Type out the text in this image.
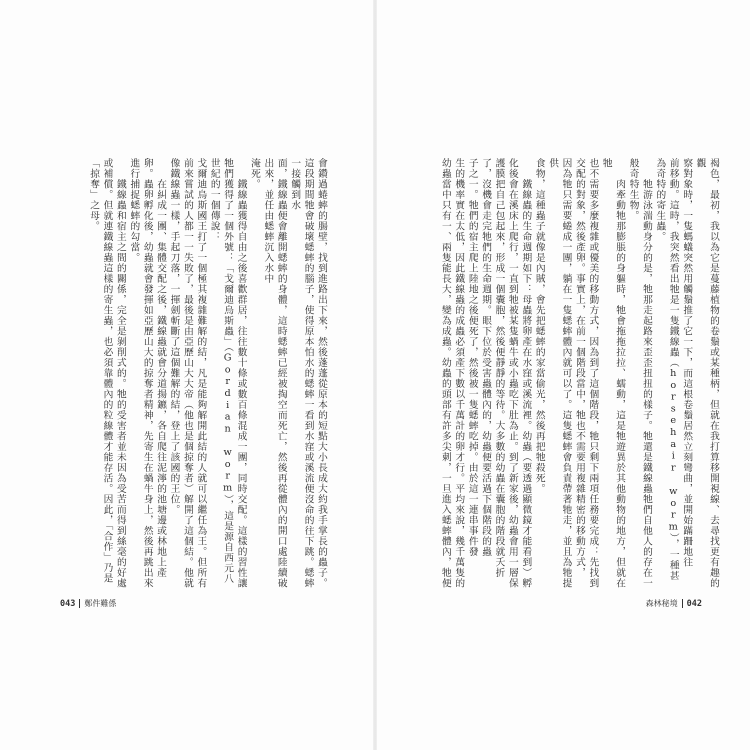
褐色，最初，我以為它是蔓藤植物的卷鬚或某種柄，但就在我打算移開視線、去尋找更有趣的觀
察對象時，一隻螞蟻突然用觸鬚推了它一下，而這根卷鬚居然立刻彎曲，並開始蹣跚地往
前移動。這時，我突然看出牠是一隻鐵線蟲（horsehair worm），一種甚為奇特的寄生蟲。
　　牠游泳湍動身分的是，牠那走起路來歪歪扭扭的樣子。牠還是鐵線蟲牠們自他人的存在一般奇特生物。
　　肉牽動牠那膨脹的身軀時，牠會拖拖拉拉、蠕動，這是牠遊異於其他動物的地方，但就在牠
也不需要多麼複雜或優美的移動方式，因為到了這個階段，牠只剩下兩項任務要完成：先找到
交配的對象，然後產卵。事實上，在前一個階段當中，牠也不需要用複雜精密的移動方式，
因為牠只需要蜷成一團，躺在一隻蟋蟀體內就可以了。這隻蟋蟀會負責帶著牠走，並且為牠提供
食物，這種蟲子就像是內賊，會先把蟋蟀的家當偷光，然後再把牠殺死。
　　鐵線蟲的生命週期如下：母蟲將卵產在水窪或溪流裡。幼蟲（要透過顯微鏡才能看到）孵
化後會在溪床上爬行，一直到牠被某隻蝸牛或小蟲吃下肚為止。到了新家後，幼蟲會用一層保
護膜把自己包起來，形成一個囊胞，然後便靜靜的等待。大多數的幼蟲在囊胞的階段就夭折
了，沒機會走完牠們的生命週期。眼下位於受害蟲體內的，幼蟲便要活過下個階段的蟲
子之一。牠們的宿主爬上陸地之後便死了，然後被一隻蟋蟀吃掉。由於這一連串事件發
生的機率實在太低，因此鐵線蟲的成蟲必須產下數以千萬計的卵才行。平均來說，幾千萬隻的
幼蟲當中只有一、兩隻能長大，變為成蟲。幼蟲的頭部有許多尖刺，一旦進入蟋蟀體內，牠便
會鑽過蜷蟀的腸壁，找到進路出下來，然後蓬蓬從原本的短點大小長成大約我手掌長的蟲子。
這段期間牠會破壞蟋蟀的腦子，使得原本怕水的蟋蟀一看到水窪或溪流便沒命的往下跳。蟋蟀一接觸到水
面，鐵線蟲便會離開蟋蟀的身體，這時蟋蟀已經被掏空而死亡，然後再從體內的開口處陸續破出來，並任由蟋蟀沉入水中
淹死。
　　鐵線蟲獲得自由之後喜歡群居，往往數十條或數百條混成一團，同時交配。這樣的習性讓
牠們獲得了一個外號：「戈爾迪烏斯蟲」（Gordian worm），這是源自西元八世紀的一個傳說：
戈爾迪烏斯國王打了一個極其複雜難解的結，凡是能夠解開此結的人就可以繼任為王。但所有
前來嘗試的人都一一失敗了，最後是由亞歷山大大帝（他也是個掠奪者）解開了這個結。他就
像鐵線蟲一樣，手起刀落，一揮劍斬斷了這個難解的結，登上了該國的王位。
　　在糾成一團、集體交配之後，鐵線蟲就會分道揚鑣，各自爬往泥濘的池塘邊或林地上產
卵。蟲卵孵化後，幼蟲就會發揮如亞歷山大的掠奪者精神，先寄生在蝸牛身上，然後再跳出來
進行捕捉蟋蟀的勾當。
　　鐵線蟲和宿主之間的關係，完全是剝削式的。牠的受害者並未因為受苦而得到絲毫的好處
或補償。但就連鐵線蟲這樣的寄生蟲，也必須靠體內的粒線體才能存活。因此，「合作」乃是
「掠奪」之母。
043 鄭件難係	森林秘境 042
